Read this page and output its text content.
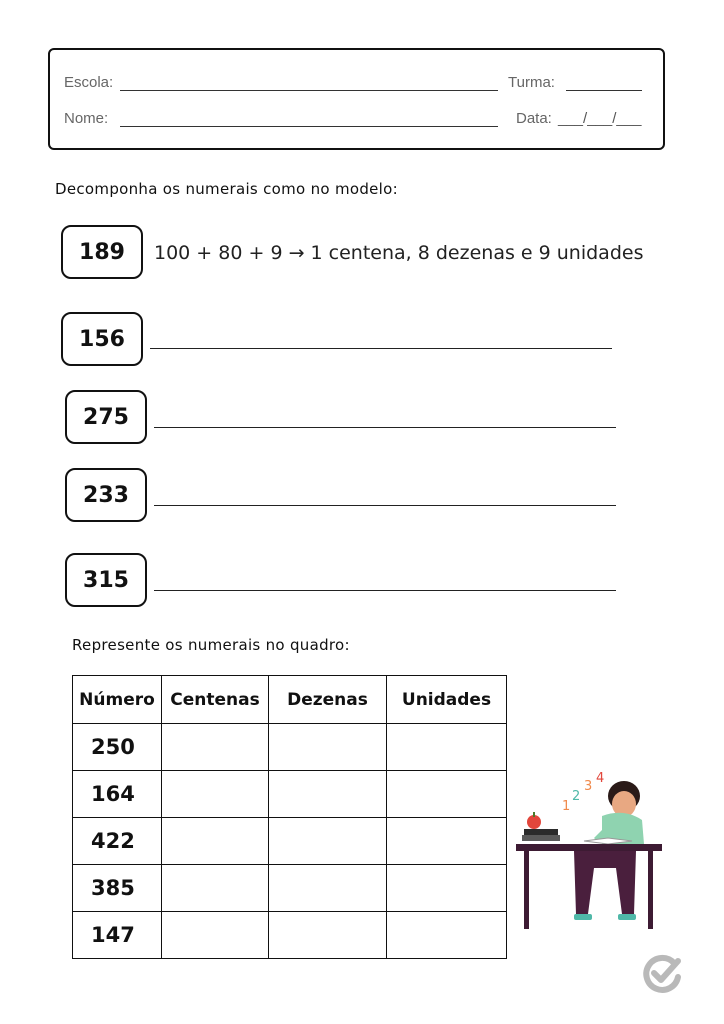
Escola:	Turma:
Nome:	Data: ___/___/___
Decomponha os numerais como no modelo:
189	100 + 80 + 9 → 1 centena, 8 dezenas e 9 unidades
156
275
233
315
Represente os numerais no quadro:
Número	Centenas	Dezenas	Unidades
250			
164			
422			
385			
147			
1
2
3
4
